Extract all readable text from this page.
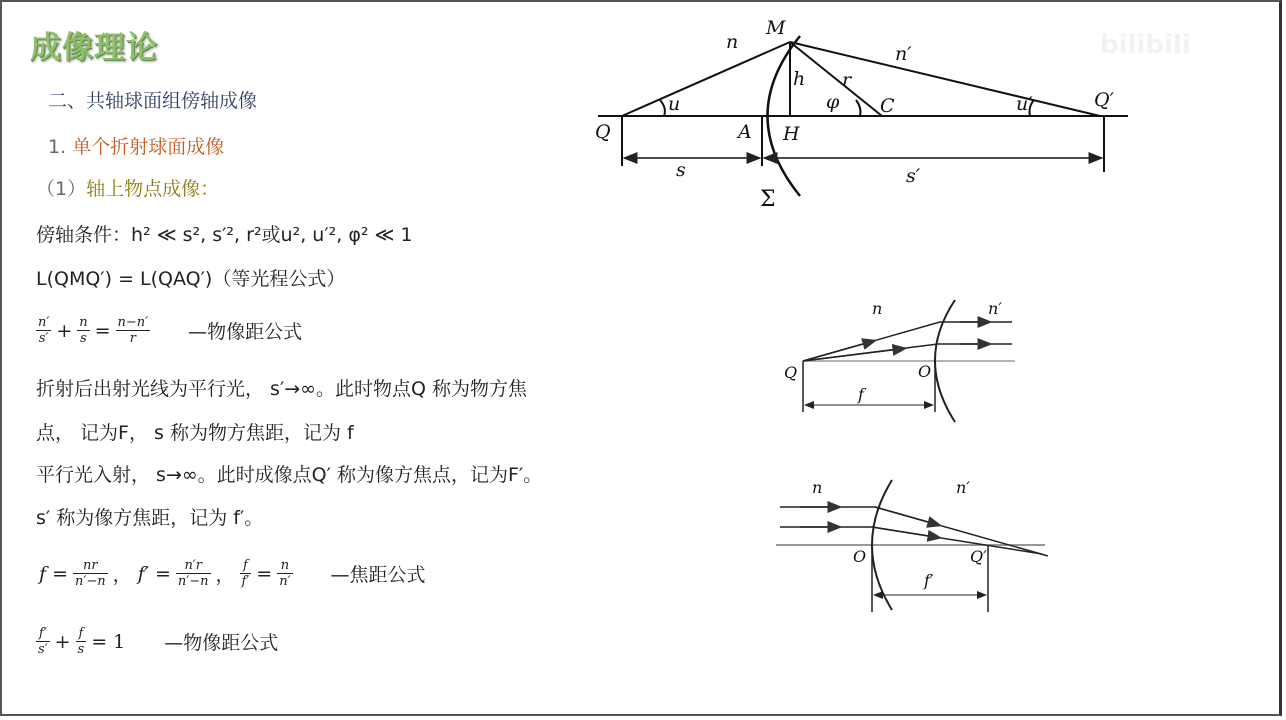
bilibili
成像理论
二、共轴球面组傍轴成像
1. 单个折射球面成像
（1）轴上物点成像：
傍轴条件：h² ≪ s², s′², r²或u², u′², φ² ≪ 1
L(QMQ′) = L(QAQ′)（等光程公式）
$\frac{n'}{s'} + \frac{n}{s} = \frac{n-n'}{r}$ —物像距公式
折射后出射光线为平行光， s′→∞。此时物点Q 称为物方焦
点， 记为F， s 称为物方焦距，记为 f
平行光入射， s→∞。此时成像点Q′ 称为像方焦点，记为F′。
s′ 称为像方焦距，记为 f′。
$f = \frac{nr}{n'-n}$ ， $f' = \frac{n'r}{n'-n}$ ， $\frac{f}{f'} = \frac{n}{n'}$ —焦距公式
$\frac{f'}{s'} + \frac{f}{s} = 1$ —物像距公式
n
M
n′
h r
φ C
u	u′	Q′
Q	A H
s	s′
Σ
n	n′
Q	O
f
n	n′
O	Q′
f′
